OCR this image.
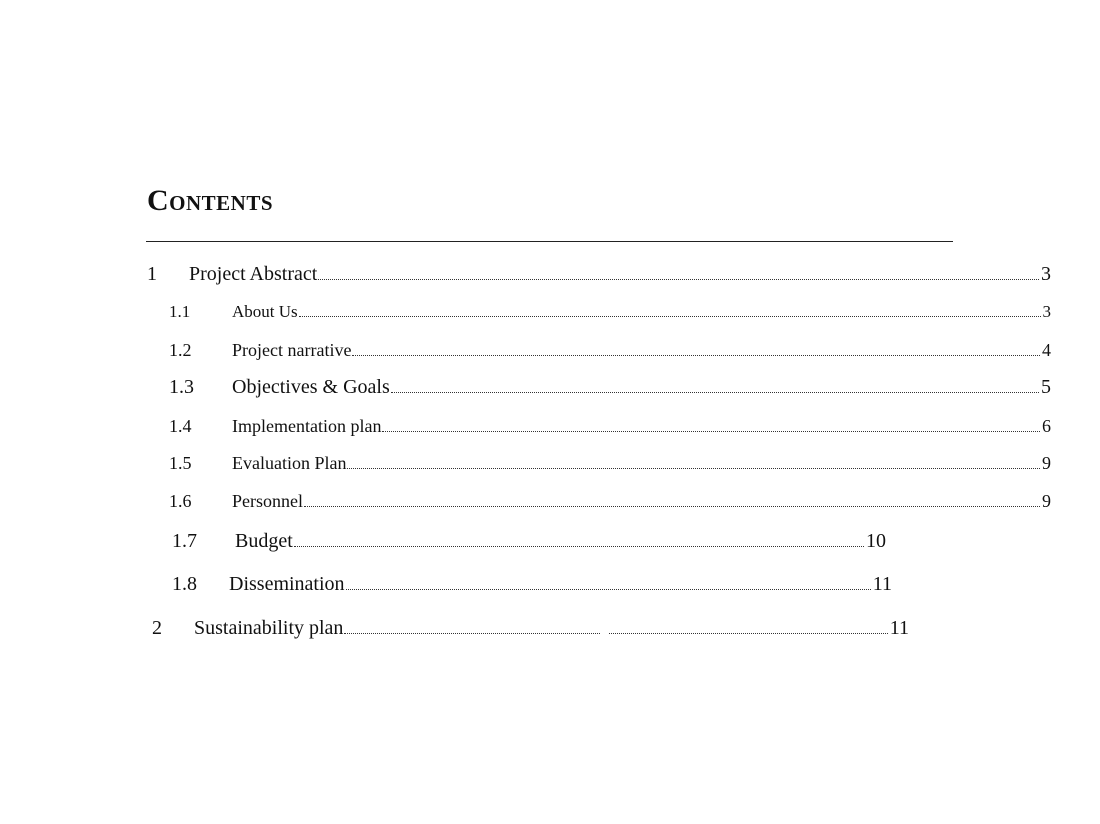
Contents
1	Project Abstract	3
1.1	About Us	3
1.2	Project narrative	4
1.3	Objectives & Goals	5
1.4	Implementation plan	6
1.5	Evaluation Plan	9
1.6	Personnel	9
1.7	Budget	10
1.8	Dissemination	11
2	Sustainability plan	11
